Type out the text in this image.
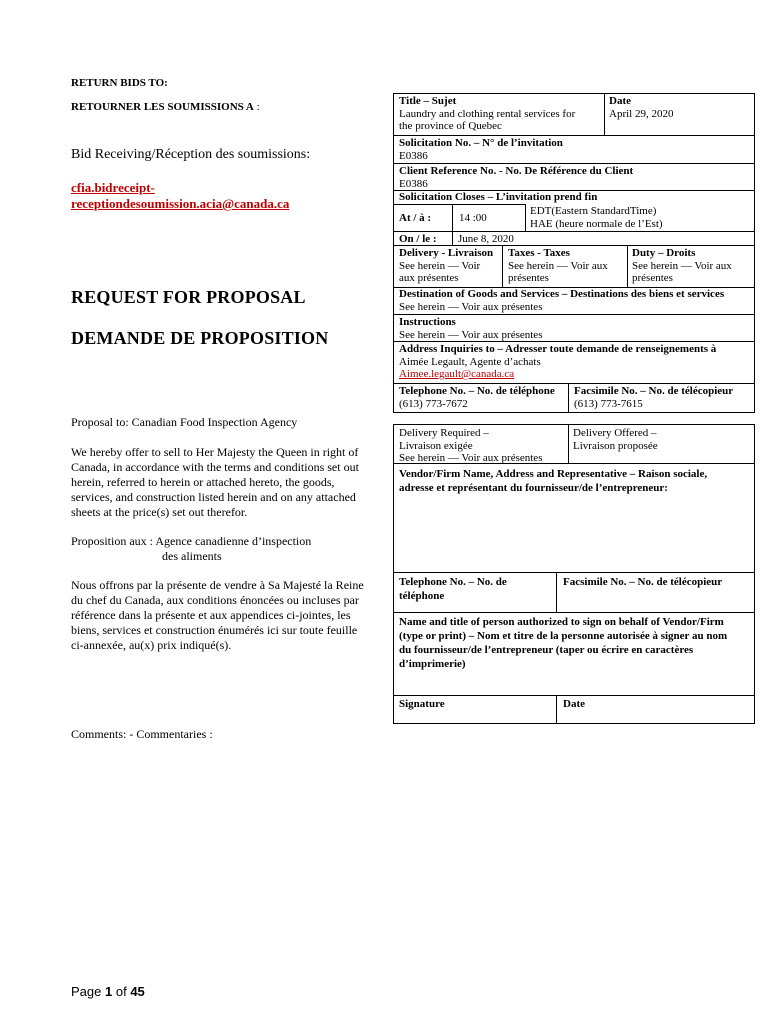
RETURN BIDS TO:
RETOURNER LES SOUMISSIONS A :
Bid Receiving/Réception des soumissions:
cfia.bidreceipt-
receptiondesoumission.acia@canada.ca
REQUEST FOR PROPOSAL
DEMANDE DE PROPOSITION
Proposal to: Canadian Food Inspection Agency
We hereby offer to sell to Her Majesty the Queen in right of
Canada, in accordance with the terms and conditions set out
herein, referred to herein or attached hereto, the goods,
services, and construction listed herein and on any attached
sheets at the price(s) set out therefor.
Proposition aux : Agence canadienne d’inspection
des aliments
Nous offrons par la présente de vendre à Sa Majesté la Reine
du chef du Canada, aux conditions énoncées ou incluses par
référence dans la présente et aux appendices ci-jointes, les
biens, services et construction énumérés ici sur toute feuille
ci-annexée, au(x) prix indiqué(s).
Comments: - Commentaries :
Title – Sujet
Laundry and clothing rental services for
the province of Quebec
Date
April 29, 2020
Solicitation No. – N° de l’invitation
E0386
Client Reference No. - No. De Référence du Client
E0386
Solicitation Closes – L’invitation prend fin
At / à :	14 :00
EDT(Eastern StandardTime)
HAE (heure normale de l’Est)
On / le : June 8, 2020
Delivery - Livraison
See herein — Voir
aux présentes
Taxes - Taxes
See herein — Voir aux
présentes
Duty – Droits
See herein — Voir aux
présentes
Destination of Goods and Services – Destinations des biens et services
See herein — Voir aux présentes
Instructions
See herein — Voir aux présentes
Address Inquiries to – Adresser toute demande de renseignements à
Aimée Legault, Agente d’achats
Aimee.legault@canada.ca
Telephone No. – No. de téléphone
(613) 773-7672
Facsimile No. – No. de télécopieur
(613) 773-7615
Delivery Required –
Livraison exigée
See herein — Voir aux présentes
Delivery Offered –
Livraison proposée
Vendor/Firm Name, Address and Representative – Raison sociale,
adresse et représentant du fournisseur/de l’entrepreneur:
Telephone No. – No. de
téléphone
Facsimile No. – No. de télécopieur
Name and title of person authorized to sign on behalf of Vendor/Firm
(type or print) – Nom et titre de la personne autorisée à signer au nom
du fournisseur/de l’entrepreneur (taper ou écrire en caractères
d’imprimerie)
Signature	Date
Page 1 of 45
